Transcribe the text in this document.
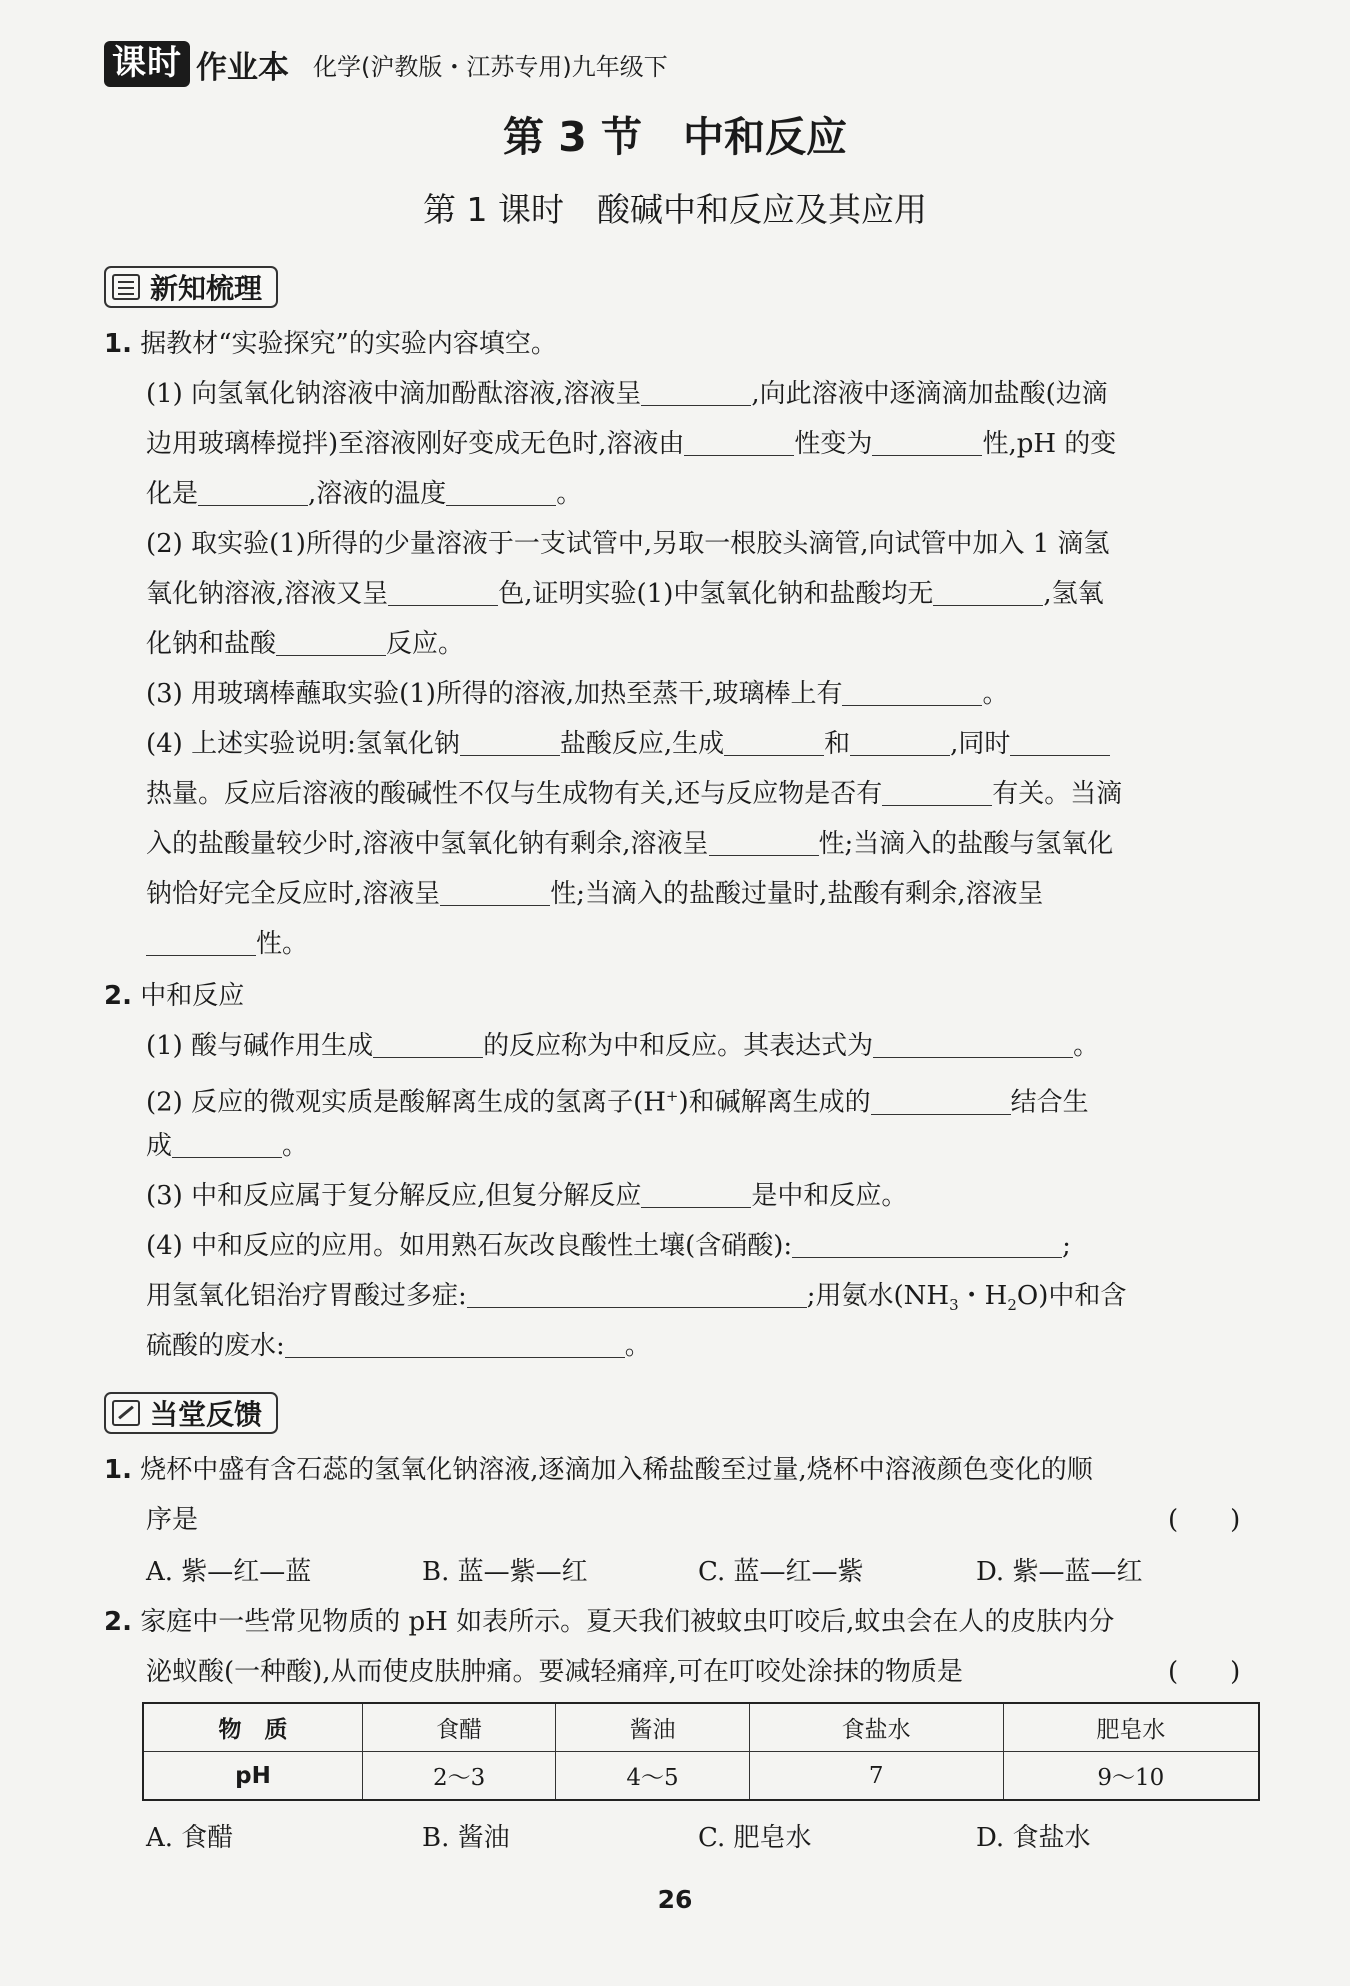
课时 作业本 化学(沪教版・江苏专用)九年级下
第 3 节　中和反应
第 1 课时　酸碱中和反应及其应用
新知梳理
1. 据教材“实验探究”的实验内容填空。
(1) 向氢氧化钠溶液中滴加酚酞溶液,溶液呈	,向此溶液中逐滴滴加盐酸(边滴
边用玻璃棒搅拌)至溶液刚好变成无色时,溶液由	性变为	性,pH 的变
化是	,溶液的温度	。
(2) 取实验(1)所得的少量溶液于一支试管中,另取一根胶头滴管,向试管中加入 1 滴氢
氧化钠溶液,溶液又呈	色,证明实验(1)中氢氧化钠和盐酸均无	,氢氧
化钠和盐酸	反应。
(3) 用玻璃棒蘸取实验(1)所得的溶液,加热至蒸干,玻璃棒上有	。
(4) 上述实验说明:氢氧化钠	盐酸反应,生成	和	,同时
热量。反应后溶液的酸碱性不仅与生成物有关,还与反应物是否有	有关。当滴
入的盐酸量较少时,溶液中氢氧化钠有剩余,溶液呈	性;当滴入的盐酸与氢氧化
钠恰好完全反应时,溶液呈	性;当滴入的盐酸过量时,盐酸有剩余,溶液呈
性。
2. 中和反应
(1) 酸与碱作用生成	的反应称为中和反应。其表达式为	。
(2) 反应的微观实质是酸解离生成的氢离子(H+)和碱解离生成的	结合生
成	。
(3) 中和反应属于复分解反应,但复分解反应	是中和反应。
(4) 中和反应的应用。如用熟石灰改良酸性土壤(含硝酸):	;
用氢氧化铝治疗胃酸过多症:	;用氨水($NH_3$・$H_2O$)中和含
硫酸的废水:	。
当堂反馈
1. 烧杯中盛有含石蕊的氢氧化钠溶液,逐滴加入稀盐酸至过量,烧杯中溶液颜色变化的顺
序是	(　　)
A. 紫—红—蓝	B. 蓝—紫—红	C. 蓝—红—紫	D. 紫—蓝—红
2. 家庭中一些常见物质的 pH 如表所示。夏天我们被蚊虫叮咬后,蚊虫会在人的皮肤内分
泌蚁酸(一种酸),从而使皮肤肿痛。要减轻痛痒,可在叮咬处涂抹的物质是	(　　)
物　质	食醋	酱油	食盐水	肥皂水
pH	2～3	4～5	7	9～10
A. 食醋	B. 酱油	C. 肥皂水	D. 食盐水
26
